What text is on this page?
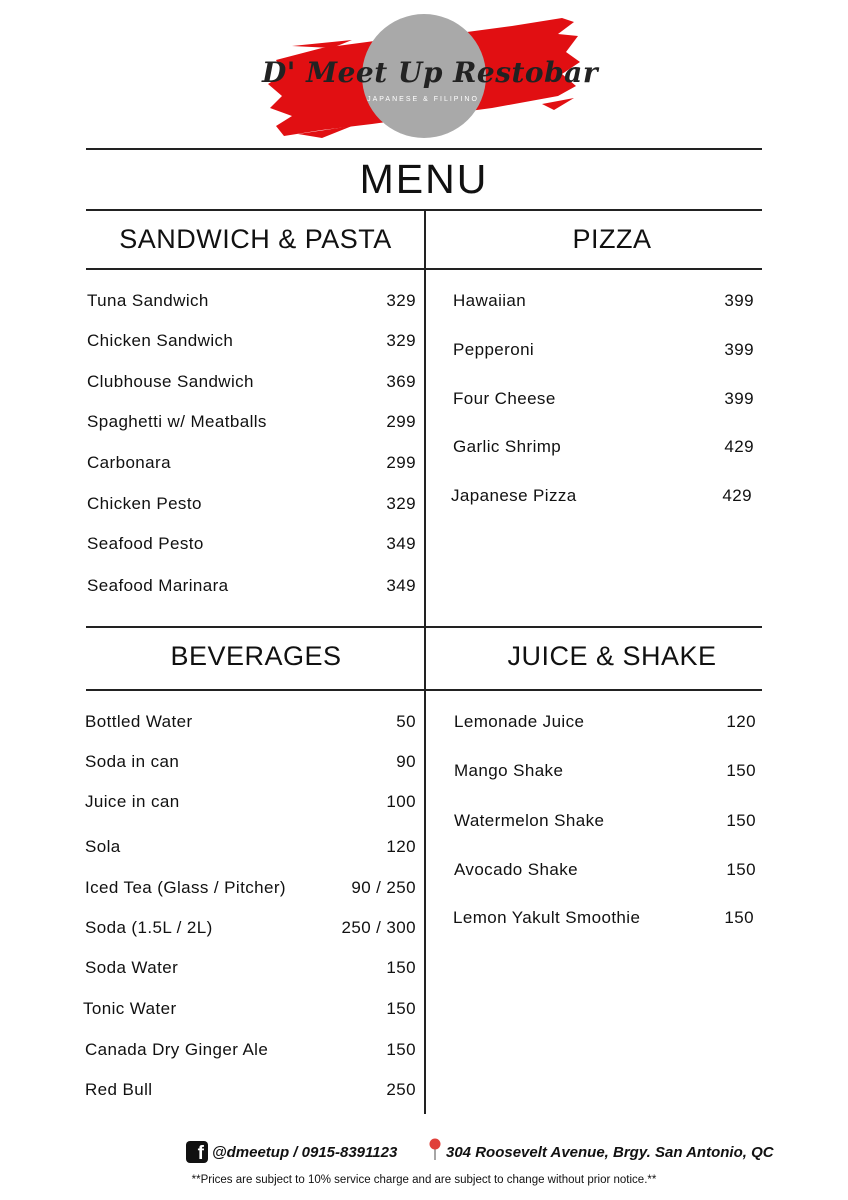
D' Meet Up Restobar
JAPANESE & FILIPINO
MENU
SANDWICH & PASTA	PIZZA
BEVERAGES	JUICE & SHAKE
Tuna Sandwich	329
Chicken Sandwich	329
Clubhouse Sandwich	369
Spaghetti w/ Meatballs	299
Carbonara	299
Chicken Pesto	329
Seafood Pesto	349
Seafood Marinara	349
Hawaiian	399
Pepperoni	399
Four Cheese	399
Garlic Shrimp	429
Japanese Pizza	429
Bottled Water	50
Soda in can	90
Juice in can	100
Sola	120
Iced Tea (Glass / Pitcher)	90 / 250
Soda (1.5L / 2L)	250 / 300
Soda Water	150
Tonic Water	150
Canada Dry Ginger Ale	150
Red Bull	250
Lemonade Juice	120
Mango Shake	150
Watermelon Shake	150
Avocado Shake	150
Lemon Yakult Smoothie	150
f @dmeetup / 0915-8391123	304 Roosevelt Avenue, Brgy. San Antonio, QC
**Prices are subject to 10% service charge and are subject to change without prior notice.**
